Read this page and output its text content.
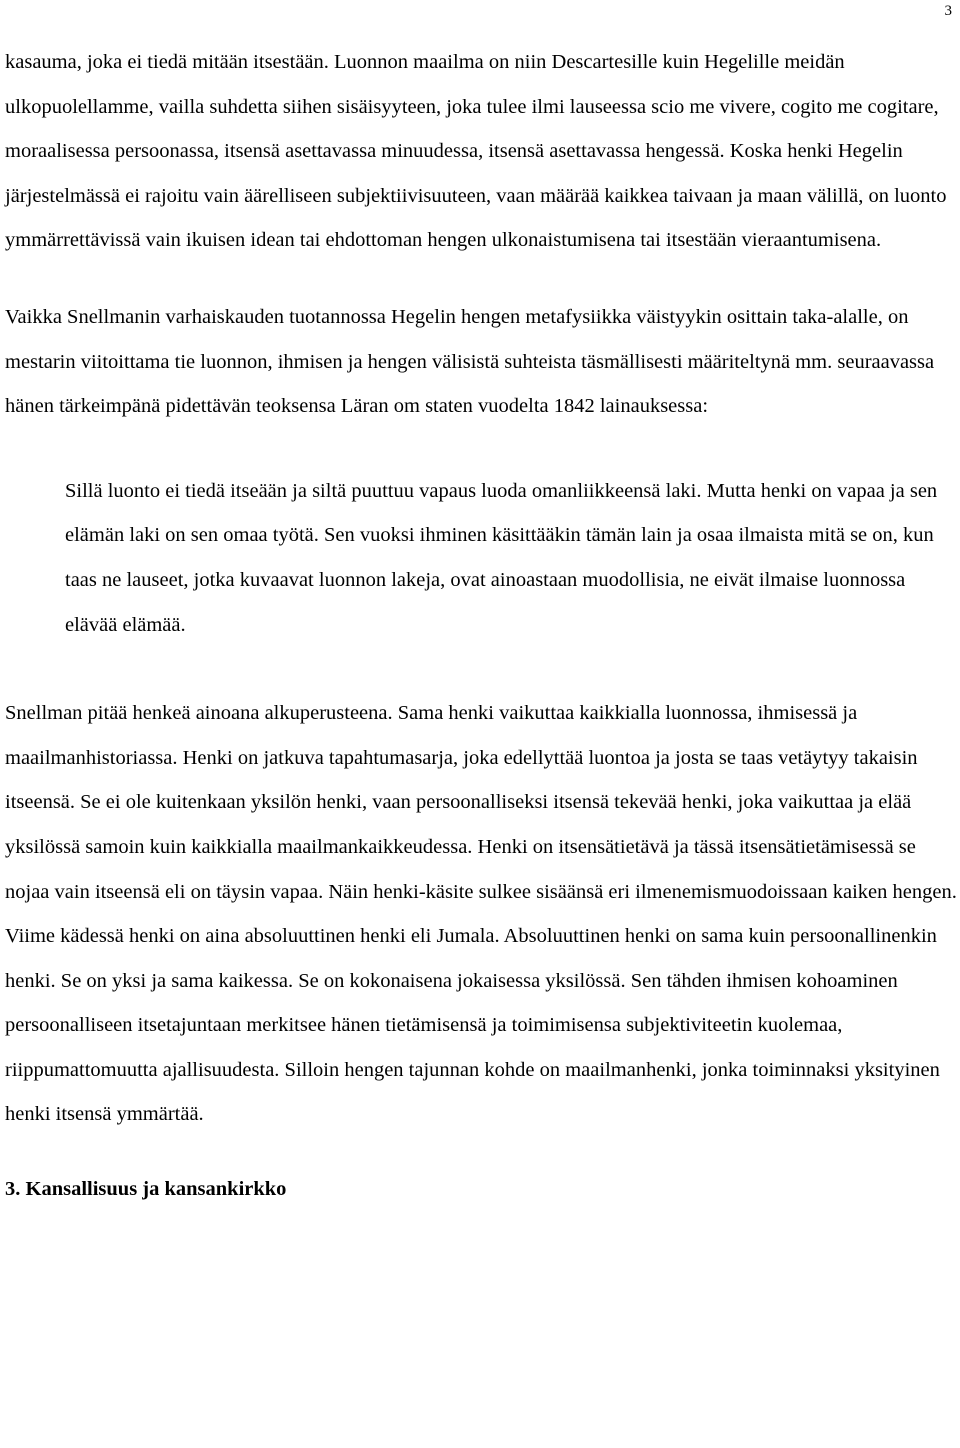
3

kasauma, joka ei tiedä mitään itsestään. Luonnon maailma on niin Descartesille kuin Hegelille meidän ulkopuolellamme, vailla suhdetta siihen sisäisyyteen, joka tulee ilmi lauseessa scio me vivere, cogito me cogitare, moraalisessa persoonassa, itsensä asettavassa minuudessa, itsensä asettavassa hengessä. Koska henki Hegelin järjestelmässä ei rajoitu vain äärelliseen subjektiivisuuteen, vaan määrää kaikkea taivaan ja maan välillä, on luonto ymmärrettävissä vain ikuisen idean tai ehdottoman hengen ulkonaistumisena tai itsestään vieraantumisena.

Vaikka Snellmanin varhaiskauden tuotannossa Hegelin hengen metafysiikka väistyykin osittain taka-alalle, on mestarin viitoittama tie luonnon, ihmisen ja hengen välisistä suhteista täsmällisesti määriteltynä mm. seuraavassa hänen tärkeimpänä pidettävän teoksensa Läran om staten vuodelta 1842 lainauksessa:

Sillä luonto ei tiedä itseään ja siltä puuttuu vapaus luoda omanliikkeensä laki. Mutta henki on vapaa ja sen elämän laki on sen omaa työtä. Sen vuoksi ihminen käsittääkin tämän lain ja osaa ilmaista mitä se on, kun taas ne lauseet, jotka kuvaavat luonnon lakeja, ovat ainoastaan muodollisia, ne eivät ilmaise luonnossa elävää elämää.

Snellman pitää henkeä ainoana alkuperusteena. Sama henki vaikuttaa kaikkialla luonnossa, ihmisessä ja maailmanhistoriassa. Henki on jatkuva tapahtumasarja, joka edellyttää luontoa ja josta se taas vetäytyy takaisin itseensä. Se ei ole kuitenkaan yksilön henki, vaan persoonalliseksi itsensä tekevää henki, joka vaikuttaa ja elää yksilössä samoin kuin kaikkialla maailmankaikkeudessa. Henki on itsensätietävä ja tässä itsensätietämisessä se nojaa vain itseensä eli on täysin vapaa. Näin henki-käsite sulkee sisäänsä eri ilmenemismuodoissaan kaiken hengen. Viime kädessä henki on aina absoluuttinen henki eli Jumala. Absoluuttinen henki on sama kuin persoonallinenkin henki. Se on yksi ja sama kaikessa. Se on kokonaisena jokaisessa yksilössä. Sen tähden ihmisen kohoaminen persoonalliseen itsetajuntaan merkitsee hänen tietämisensä ja toimimisensa subjektiviteetin kuolemaa, riippumattomuutta ajallisuudesta. Silloin hengen tajunnan kohde on maailmanhenki, jonka toiminnaksi yksityinen henki itsensä ymmärtää.

3. Kansallisuus ja kansankirkko
